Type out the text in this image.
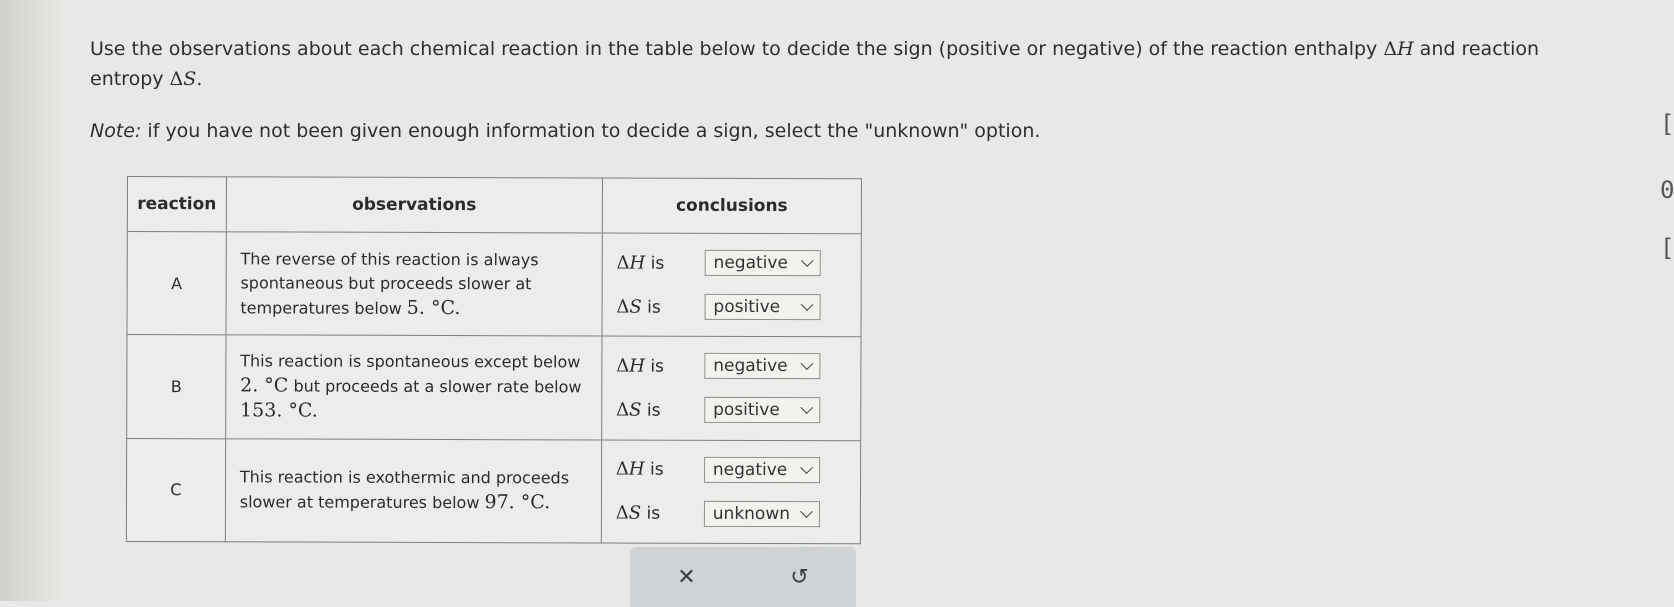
Use the observations about each chemical reaction in the table below to decide the sign (positive or negative) of the reaction enthalpy ΔH and reaction entropy ΔS.
Note: if you have not been given enough information to decide a sign, select the "unknown" option.
reaction	observations	conclusions
A	The reverse of this reaction is always spontaneous but proceeds slower at temperatures below 5. °C.	ΔH is negative
ΔS is positive

B	This reaction is spontaneous except below 2. °C but proceeds at a slower rate below 153. °C.	ΔH is negative
ΔS is positive

C	This reaction is exothermic and proceeds slower at temperatures below 97. °C.	ΔH is negative
ΔS is unknown
✕	↺
[
0
[
